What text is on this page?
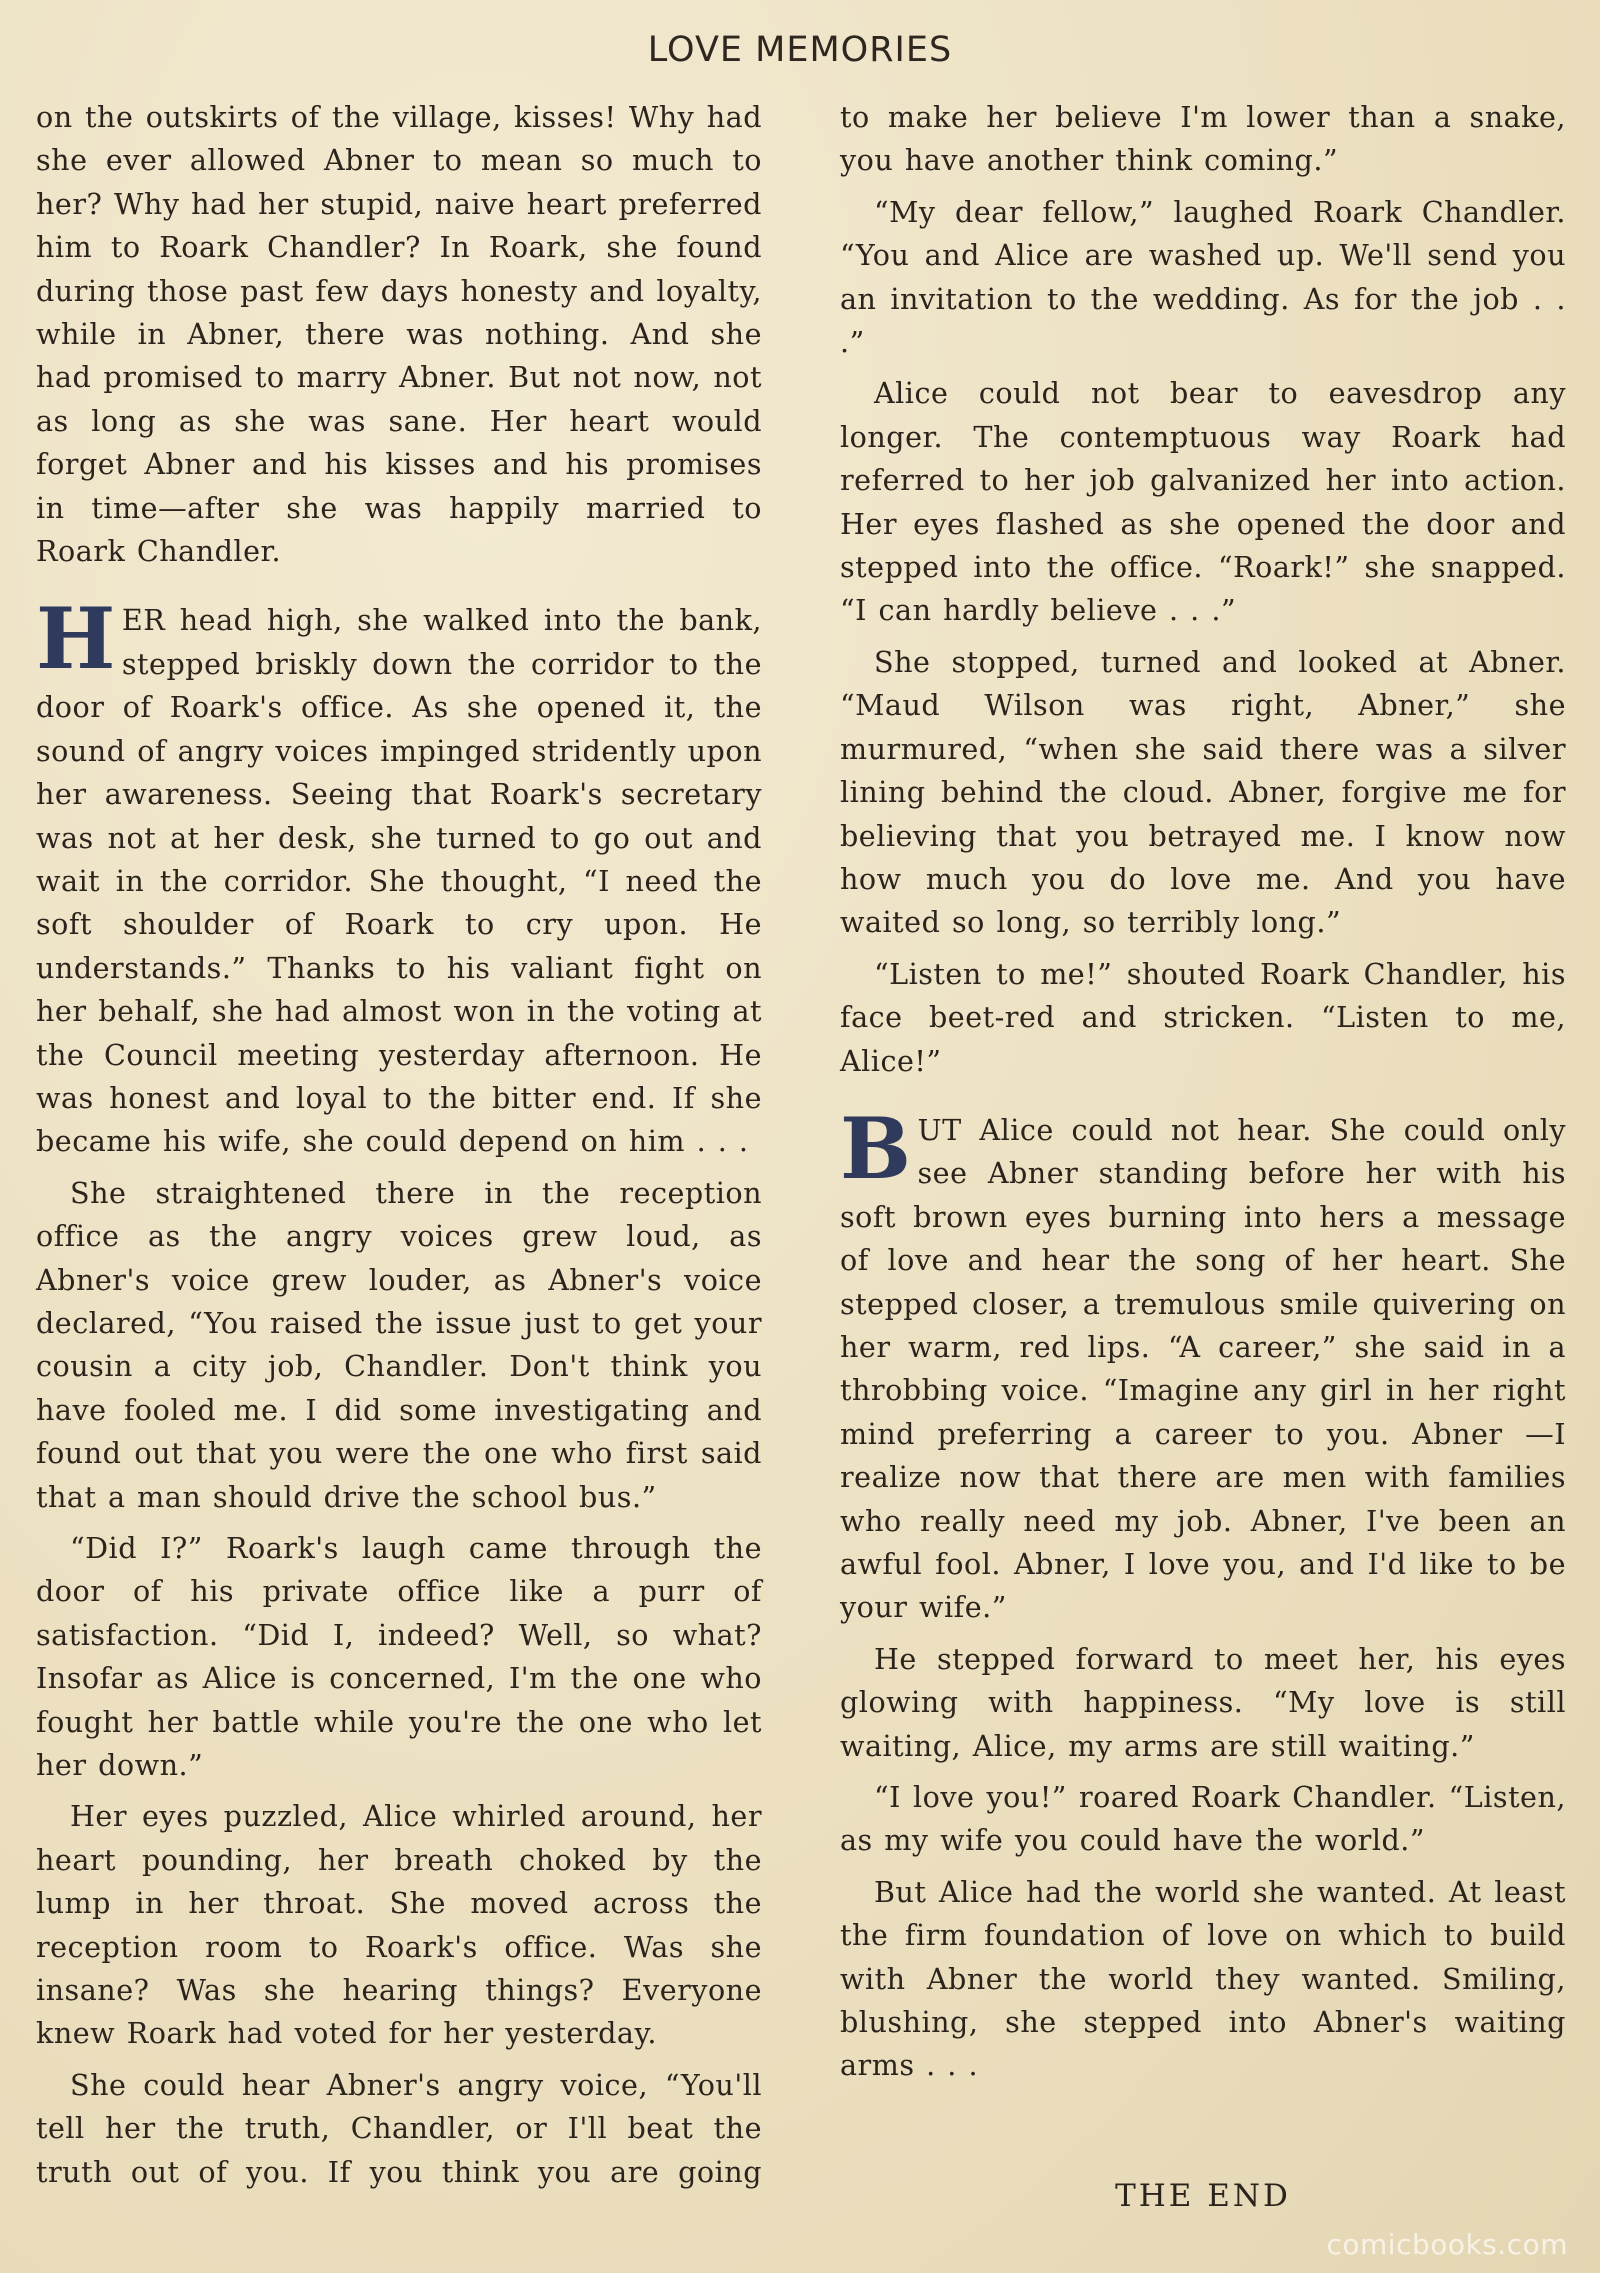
LOVE MEMORIES

on the outskirts of the village, kisses! Why had she ever allowed Abner to mean so much to her? Why had her stupid, naive heart preferred him to Roark Chandler? In Roark, she found during those past few days honesty and loyalty, while in Abner, there was nothing. And she had promised to marry Abner. But not now, not as long as she was sane. Her heart would forget Abner and his kisses and his promises in time—after she was happily married to Roark Chandler.

HER head high, she walked into the bank, stepped briskly down the corridor to the door of Roark's office. As she opened it, the sound of angry voices impinged stridently upon her awareness. Seeing that Roark's secretary was not at her desk, she turned to go out and wait in the corridor. She thought, “I need the soft shoulder of Roark to cry upon. He understands.” Thanks to his valiant fight on her behalf, she had almost won in the voting at the Council meeting yesterday afternoon. He was honest and loyal to the bitter end. If she became his wife, she could depend on him . . .

She straightened there in the reception office as the angry voices grew loud, as Abner's voice grew louder, as Abner's voice declared, “You raised the issue just to get your cousin a city job, Chandler. Don't think you have fooled me. I did some investigating and found out that you were the one who first said that a man should drive the school bus.”

“Did I?” Roark's laugh came through the door of his private office like a purr of satisfaction. “Did I, indeed? Well, so what? Insofar as Alice is concerned, I'm the one who fought her battle while you're the one who let her down.”

Her eyes puzzled, Alice whirled around, her heart pounding, her breath choked by the lump in her throat. She moved across the reception room to Roark's office. Was she insane? Was she hearing things? Everyone knew Roark had voted for her yesterday.

She could hear Abner's angry voice, “You'll tell her the truth, Chandler, or I'll beat the truth out of you. If you think you are going

to make her believe I'm lower than a snake, you have another think coming.”

“My dear fellow,” laughed Roark Chandler. “You and Alice are washed up. We'll send you an invitation to the wedding. As for the job . . .”

Alice could not bear to eavesdrop any longer. The contemptuous way Roark had referred to her job galvanized her into action. Her eyes flashed as she opened the door and stepped into the office. “Roark!” she snapped. “I can hardly believe . . .”

She stopped, turned and looked at Abner. “Maud Wilson was right, Abner,” she murmured, “when she said there was a silver lining behind the cloud. Abner, forgive me for believing that you betrayed me. I know now how much you do love me. And you have waited so long, so terribly long.”

“Listen to me!” shouted Roark Chandler, his face beet-red and stricken. “Listen to me, Alice!”

BUT Alice could not hear. She could only see Abner standing before her with his soft brown eyes burning into hers a message of love and hear the song of her heart. She stepped closer, a tremulous smile quivering on her warm, red lips. “A career,” she said in a throbbing voice. “Imagine any girl in her right mind preferring a career to you. Abner —I realize now that there are men with families who really need my job. Abner, I've been an awful fool. Abner, I love you, and I'd like to be your wife.”

He stepped forward to meet her, his eyes glowing with happiness. “My love is still waiting, Alice, my arms are still waiting.”

“I love you!” roared Roark Chandler. “Listen, as my wife you could have the world.”

But Alice had the world she wanted. At least the firm foundation of love on which to build with Abner the world they wanted. Smiling, blushing, she stepped into Abner's waiting arms . . .

THE END
comicbooks.com
